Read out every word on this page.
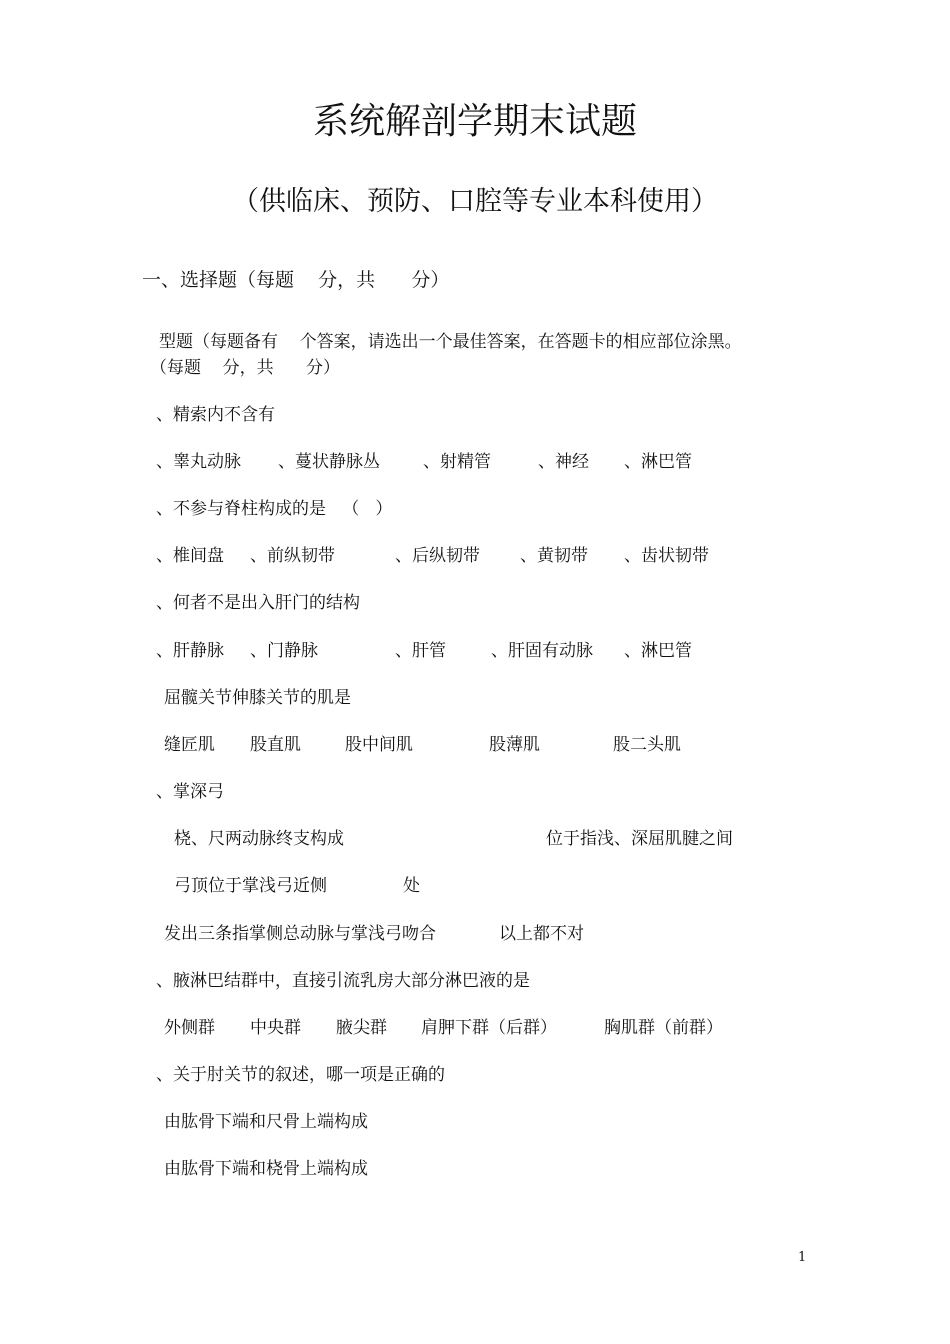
系统解剖学期末试题
（供临床、预防、口腔等专业本科使用）
一、选择题（每题    分，共      分）
型题（每题备有    个答案，请选出一个最佳答案，在答题卡的相应部位涂黑。
（每题    分，共      分）
、精索内不含有
、睾丸动脉 、蔓状静脉丛	、射精管	、神经 、淋巴管
、不参与脊柱构成的是   （   ）
、椎间盘 、前纵韧带	、后纵韧带 、黄韧带 、齿状韧带
、何者不是出入肝门的结构
、肝静脉 、门静脉	、肝管	、肝固有动脉 、淋巴管
屈髋关节伸膝关节的肌是
缝匠肌 股直肌	股中间肌	股薄肌	股二头肌
、掌深弓
桡、尺两动脉终支构成	位于指浅、深屈肌腱之间
弓顶位于掌浅弓近侧	处
发出三条指掌侧总动脉与掌浅弓吻合	以上都不对
、腋淋巴结群中，直接引流乳房大部分淋巴液的是
外侧群 中央群 腋尖群 肩胛下群（后群）	胸肌群（前群）
、关于肘关节的叙述，哪一项是正确的
由肱骨下端和尺骨上端构成
由肱骨下端和桡骨上端构成
1
